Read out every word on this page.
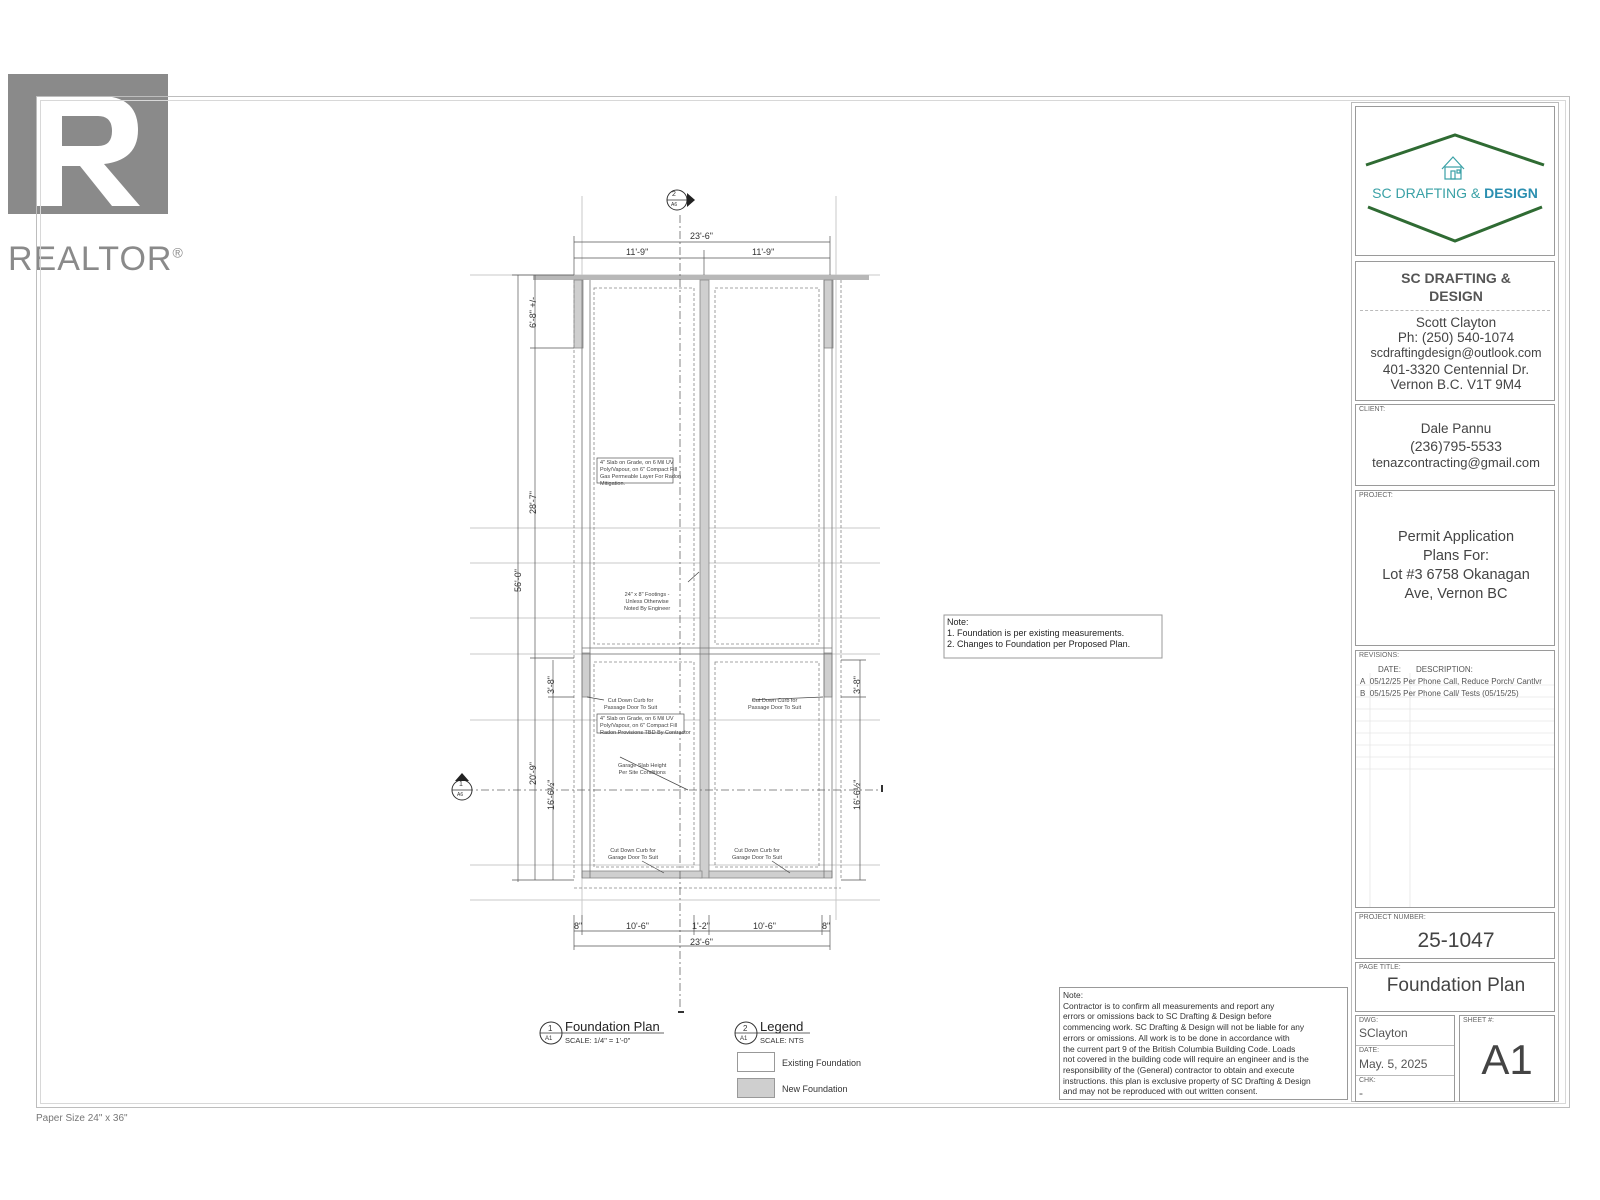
REALTOR®
Paper Size 24" x 36"
2
A6
1
A6
23'-6"
11'-9"	11'-9"
8"	10'-6"	1'-2"	10'-6"	8"
23'-6"
56'-0"
6'-8" +/-
28'-7"
20'-9"
3'-8"
16'-6½"
3'-8"
16'-6½"
4" Slab on Grade, on 6 Mil UV
Poly/Vapour, on 6" Compact Fill
Gas Permeable Layer For Radon
Mitigation.
24" x 8" Footings -
Unless Otherwise
Noted By Engineer
Cut Down Curb for
Passage Door To Suit
Cut Down Curb for
Passage Door To Suit
4" Slab on Grade, on 6 Mil UV
Poly/Vapour, on 6" Compact Fill
Radon Provisions TBD By Contractor
Garage Slab Height
Per Site Conditions
Cut Down Curb for
Garage Door To Suit
Cut Down Curb for
Garage Door To Suit
Note:
1. Foundation is per existing measurements.
2. Changes to Foundation per Proposed Plan.
1
A1
Foundation Plan
SCALE: 1/4" = 1'-0"
2
A1
Legend
SCALE: NTS
Existing Foundation
New Foundation
Note:
Contractor is to confirm all measurements and report any
errors or omissions back to SC Drafting & Design before
commencing work. SC Drafting & Design will not be liable for any
errors or omissions. All work is to be done in accordance with
the current part 9 of the British Columbia Building Code. Loads
not covered in the building code will require an engineer and is the
responsibility of the (General) contractor to obtain and execute
instructions. this plan is exclusive property of SC Drafting & Design
and may not be reproduced with out written consent.
SC DRAFTING & DESIGN
SC DRAFTING &
DESIGN
Scott Clayton
Ph: (250) 540-1074
scdraftingdesign@outlook.com
401-3320 Centennial Dr.
Vernon B.C. V1T 9M4
CLIENT:
Dale Pannu
(236)795-5533
tenazcontracting@gmail.com
PROJECT:
Permit Application
Plans For:
Lot #3 6758 Okanagan
Ave, Vernon BC
REVISIONS:
DATE: DESCRIPTION:
A 05/12/25 Per Phone Call, Reduce Porch/ Cantlvr
B 05/15/25 Per Phone Call/ Tests (05/15/25)
PROJECT NUMBER:
25-1047
PAGE TITLE:
Foundation Plan
DWG:
SClayton
DATE:
May. 5, 2025
CHK:
-
SHEET #:
A1
